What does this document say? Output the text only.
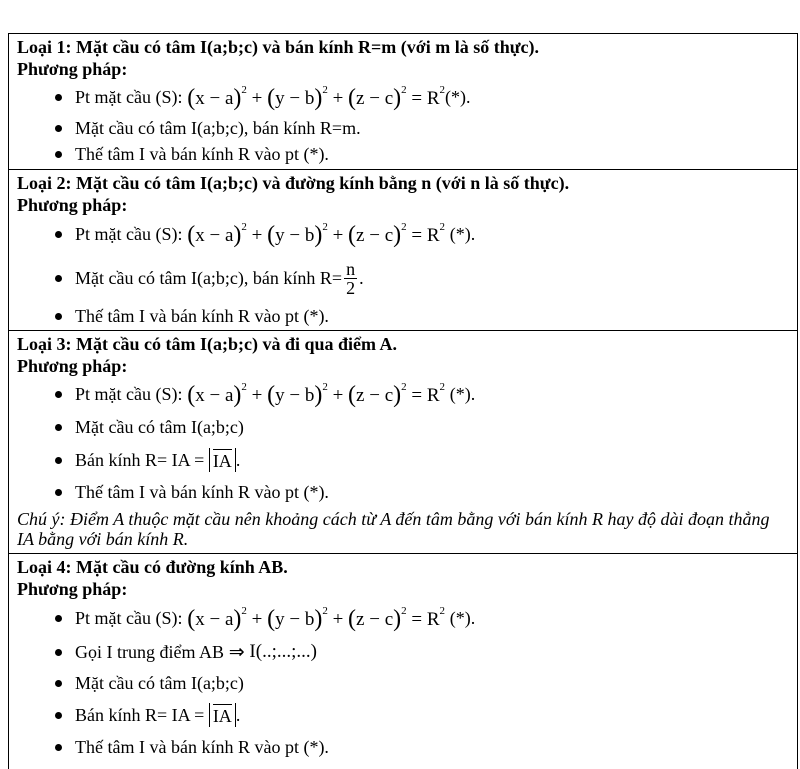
Loại 1: Mặt cầu có tâm I(a;b;c) và bán kính R=m (với m là số thực).

Phương pháp:

Pt mặt cầu (S): $(x - a)^2 + (y - b)^2 + (z - c)^2 = R^2$ (*).
Mặt cầu có tâm I(a;b;c), bán kính R=m.
Thế tâm I và bán kính R vào pt (*).

Loại 2: Mặt cầu có tâm I(a;b;c) và đường kính bằng n (với n là số thực).

Phương pháp:

Pt mặt cầu (S): $(x - a)^2 + (y - b)^2 + (z - c)^2 = R^2$ (*).
Mặt cầu có tâm I(a;b;c), bán kính $R= \frac{n}{2}$ .
Thế tâm I và bán kính R vào pt (*).

Loại 3: Mặt cầu có tâm I(a;b;c) và đi qua điểm A.

Phương pháp:

Pt mặt cầu (S): $(x - a)^2 + (y - b)^2 + (z - c)^2 = R^2$ (*).
Mặt cầu có tâm I(a;b;c)
Bán kính R= IA =
IA .
Thế tâm I và bán kính R vào pt (*).

Chú ý: Điểm A thuộc mặt cầu nên khoảng cách từ A đến tâm bằng với bán kính R hay độ dài đoạn thẳng IA bằng với bán kính R.

Loại 4: Mặt cầu có đường kính AB.

Phương pháp:

Pt mặt cầu (S): $(x - a)^2 + (y - b)^2 + (z - c)^2 = R^2$ (*).
Gọi I trung điểm AB ⇒ I(..;...;...)
Mặt cầu có tâm I(a;b;c)
Bán kính R= IA =
IA .
Thế tâm I và bán kính R vào pt (*).
